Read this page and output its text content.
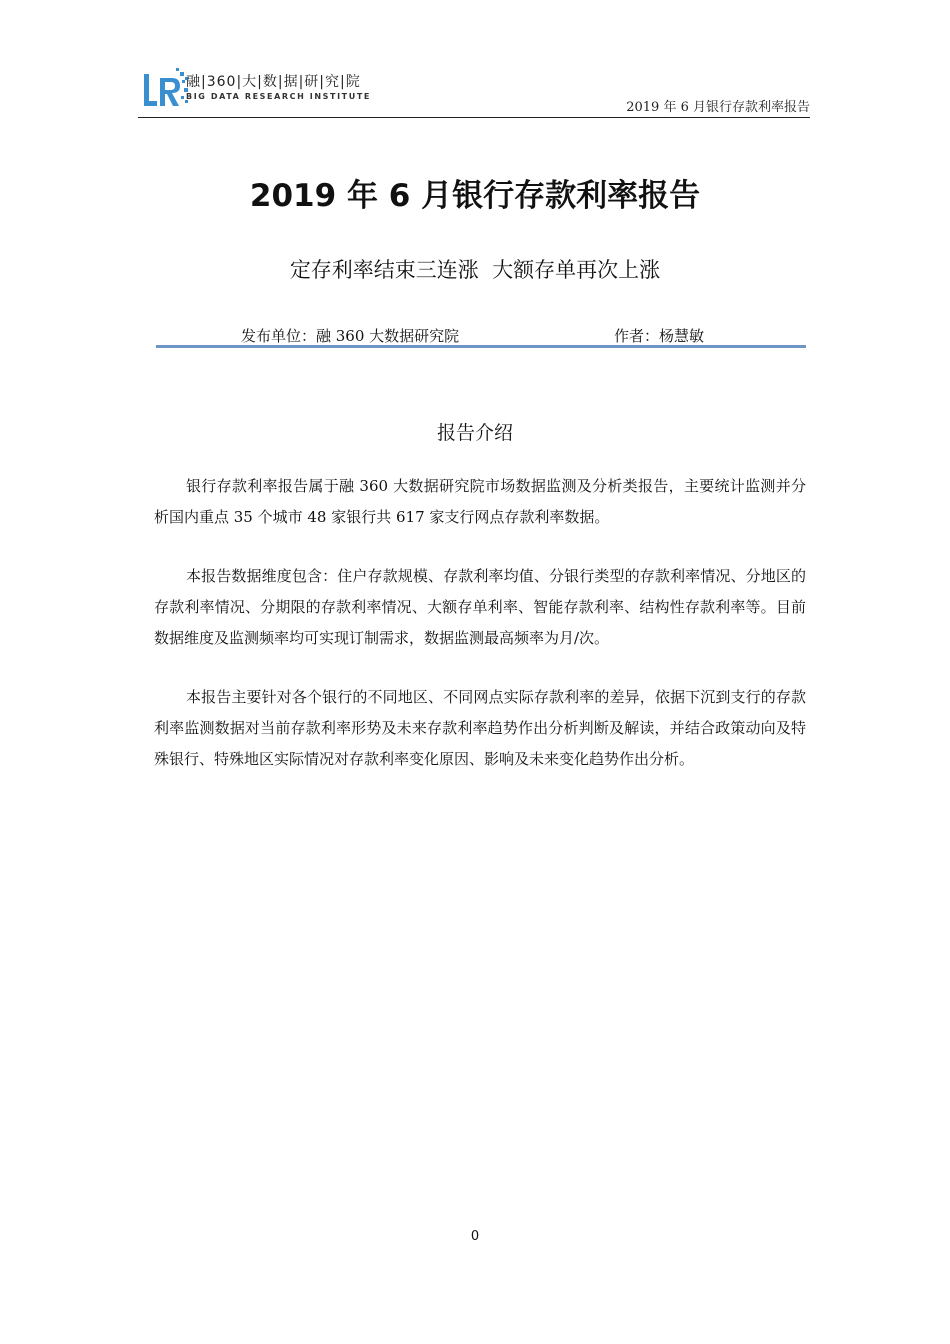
融|360|大|数|据|研|究|院
BIG DATA RESEARCH INSTITUTE
2019 年 6 月银行存款利率报告
2019 年 6 月银行存款利率报告
定存利率结束三连涨  大额存单再次上涨
发布单位：融 360 大数据研究院	作者：杨慧敏
报告介绍

银行存款利率报告属于融 360 大数据研究院市场数据监测及分析类报告，主要统计监测并分析国内重点 35 个城市 48 家银行共 617 家支行网点存款利率数据。

本报告数据维度包含：住户存款规模、存款利率均值、分银行类型的存款利率情况、分地区的存款利率情况、分期限的存款利率情况、大额存单利率、智能存款利率、结构性存款利率等。目前数据维度及监测频率均可实现订制需求，数据监测最高频率为月/次。

本报告主要针对各个银行的不同地区、不同网点实际存款利率的差异，依据下沉到支行的存款利率监测数据对当前存款利率形势及未来存款利率趋势作出分析判断及解读，并结合政策动向及特殊银行、特殊地区实际情况对存款利率变化原因、影响及未来变化趋势作出分析。

0
